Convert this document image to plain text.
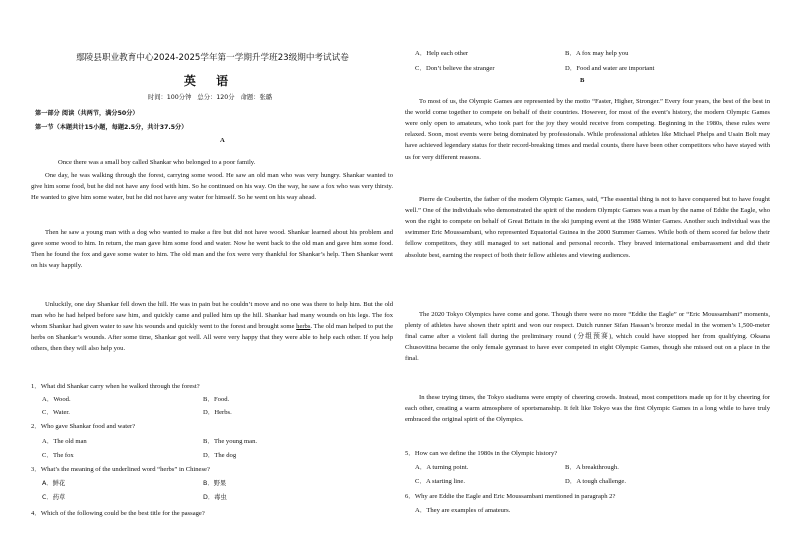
鄢陵县职业教育中心2024-2025学年第一学期升学班23级期中考试试卷
英 语
时间：100分钟 总分：120分 命题：张璐
第一部分 阅读（共两节，满分50分）
第一节（本题共计15小题，每题2.5分，共计37.5分）
A

Once there was a small boy called Shankar who belonged to a poor family.

One day, he was walking through the forest, carrying some wood. He saw an old man who was very hungry. Shankar wanted to give him some food, but he did not have any food with him. So he continued on his way. On the way, he saw a fox who was very thirsty. He wanted to give him some water, but he did not have any water for himself. So he went on his way ahead.

Then he saw a young man with a dog who wanted to make a fire but did not have wood. Shankar learned about his problem and gave some wood to him. In return, the man gave him some food and water. Now he went back to the old man and gave him some food. Then he found the fox and gave some water to him. The old man and the fox were very thankful for Shankar’s help. Then Shankar went on his way happily.

Unluckily, one day Shankar fell down the hill. He was in pain but he couldn’t move and no one was there to help him. But the old man who he had helped before saw him, and quickly came and pulled him up the hill. Shankar had many wounds on his legs. The fox whom Shankar had given water to saw his wounds and quickly went to the forest and brought some herbs. The old man helped to put the herbs on Shankar’s wounds. After some time, Shankar got well. All were very happy that they were able to help each other. If you help others, then they will also help you.

1．What did Shankar carry when he walked through the forest?
A．Wood.	B．Food.
C．Water.	D．Herbs.
2．Who gave Shankar food and water?
A．The old man	B．The young man.
C．The fox	D．The dog
3．What’s the meaning of the underlined word “herbs” in Chinese?
A．鲜花	B．野果
C．药草	D．毒虫
4．Which of the following could be the best title for the passage?
A．Help each other	B．A fox may help you
C．Don’t believe the stranger	D．Food and water are important
B

To most of us, the Olympic Games are represented by the motto “Faster, Higher, Stronger.” Every four years, the best of the best in the world come together to compete on behalf of their countries. However, for most of the event’s history, the modern Olympic Games were only open to amateurs, who took part for the joy they would receive from competing. Beginning in the 1980s, these rules were relaxed. Soon, most events were being dominated by professionals. While professional athletes like Michael Phelps and Usain Bolt may have achieved legendary status for their record-breaking times and medal counts, there have been other competitors who have stayed with us for very different reasons.

Pierre de Coubertin, the father of the modern Olympic Games, said, “The essential thing is not to have conquered but to have fought well.” One of the individuals who demonstrated the spirit of the modern Olympic Games was a man by the name of Eddie the Eagle, who won the right to compete on behalf of Great Britain in the ski jumping event at the 1988 Winter Games. Another such individual was the swimmer Eric Moussambani, who represented Equatorial Guinea in the 2000 Summer Games. While both of them scored far below their fellow competitors, they still managed to set national and personal records. They braved international embarrassment and did their absolute best, earning the respect of both their fellow athletes and viewing audiences.

The 2020 Tokyo Olympics have come and gone. Though there were no more “Eddie the Eagle” or “Eric Moussambani” moments, plenty of athletes have shown their spirit and won our respect. Dutch runner Sifan Hassan’s bronze medal in the women’s 1,500-meter final came after a violent fall during the preliminary round (分组预赛), which could have stopped her from qualifying. Oksana Chusovitina became the only female gymnast to have ever competed in eight Olympic Games, though she missed out on a place in the final.

In these trying times, the Tokyo stadiums were empty of cheering crowds. Instead, most competitors made up for it by cheering for each other, creating a warm atmosphere of sportsmanship. It felt like Tokyo was the first Olympic Games in a long while to have truly embraced the original spirit of the Olympics.

5．How can we define the 1980s in the Olympic history?
A．A turning point.	B．A breakthrough.
C．A starting line.	D．A tough challenge.
6．Why are Eddie the Eagle and Eric Moussambani mentioned in paragraph 2?
A．They are examples of amateurs.
